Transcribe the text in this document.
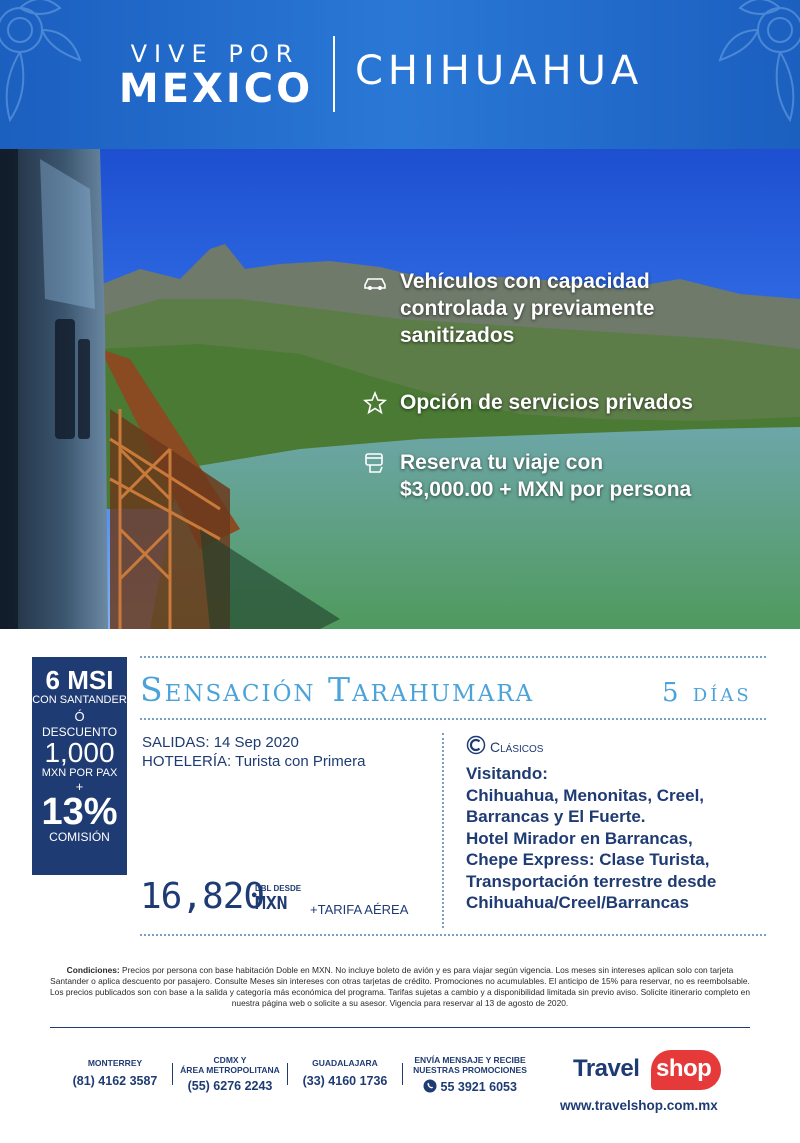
VIVE POR
MEXICO CHIHUAHUA
Vehículos con capacidad
controlada y previamente
sanitizados
Opción de servicios privados
Reserva tu viaje con
$3,000.00 + MXN por persona
6 MSI
CON SANTANDER
Ó
DESCUENTO
1,000
MXN POR PAX
+
13%
COMISIÓN
Sensación Tarahumara	5 días
SALIDAS: 14 Sep 2020
HOTELERÍA: Turista con Primera
16,820
DBL DESDE
MXN +TARIFA AÉREA
Clásicos
Visitando:
Chihuahua, Menonitas, Creel,
Barrancas y El Fuerte.
Hotel Mirador en Barrancas,
Chepe Express: Clase Turista,
Transportación terrestre desde
Chihuahua/Creel/Barrancas
Condiciones: Precios por persona con base habitación Doble en MXN. No incluye boleto de avión y es para viajar según vigencia. Los meses sin intereses aplican solo con tarjeta Santander o aplica descuento por pasajero. Consulte Meses sin intereses con otras tarjetas de crédito. Promociones no acumulables. El anticipo de 15% para reservar, no es reembolsable. Los precios publicados son con base a la salida y categoría más económica del programa. Tarifas sujetas a cambio y a disponibilidad limitada sin previo aviso. Solicite itinerario completo en nuestra página web o solicite a su asesor. Vigencia para reservar al 13 de agosto de 2020.
MONTERREY
(81) 4162 3587
CDMX Y
ÁREA METROPOLITANA
(55) 6276 2243
GUADALAJARA
(33) 4160 1736
ENVÍA MENSAJE Y RECIBE
NUESTRAS PROMOCIONES
55 3921 6053
Travel shop
www.travelshop.com.mx
